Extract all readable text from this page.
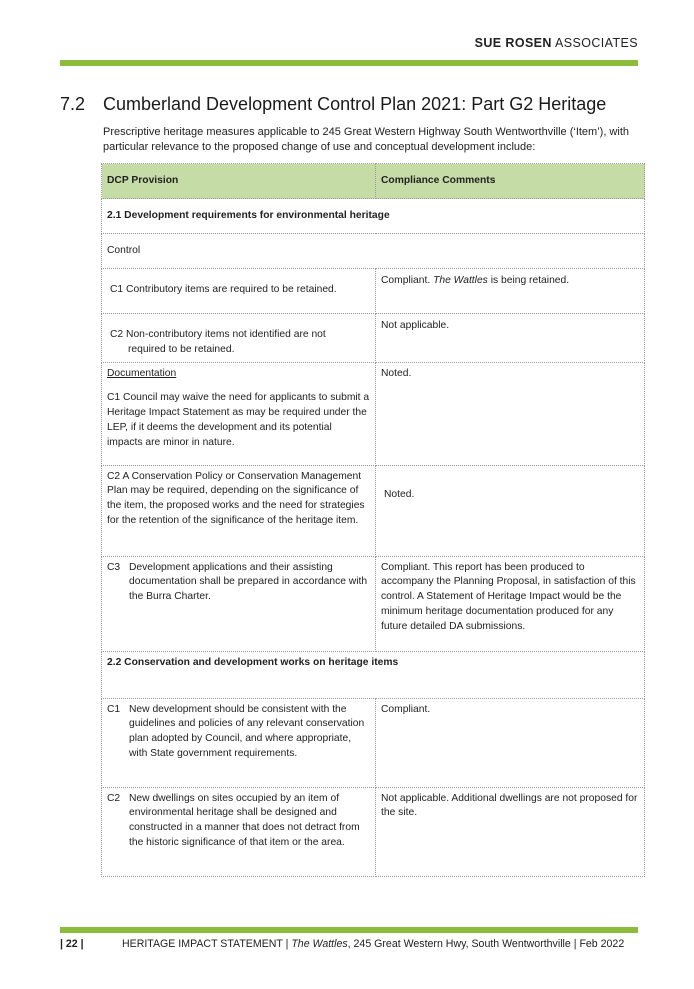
SUE ROSEN ASSOCIATES
7.2 Cumberland Development Control Plan 2021: Part G2 Heritage
Prescriptive heritage measures applicable to 245 Great Western Highway South Wentworthville (‘Item’), with particular relevance to the proposed change of use and conceptual development include:
DCP Provision	Compliance Comments
2.1 Development requirements for environmental heritage	
Control	
C1 Contributory items are required to be retained.	Compliant. The Wattles is being retained.

C2 Non-contributory items not identified are not
required to be retained.	Not applicable.

Documentation
C1 Council may waive the need for applicants to submit a Heritage Impact Statement as may be required under the LEP, if it deems the development and its potential impacts are minor in nature.	Noted.
C2 A Conservation Policy or Conservation Management Plan may be required, depending on the significance of the item, the proposed works and the need for strategies for the retention of the significance of the heritage item.	Noted.

C3 Development applications and their assisting documentation shall be prepared in accordance with the Burra Charter.	Compliant. This report has been produced to accompany the Planning Proposal, in satisfaction of this control. A Statement of Heritage Impact would be the minimum heritage documentation produced for any future detailed DA submissions.
2.2 Conservation and development works on heritage items	

C1 New development should be consistent with the guidelines and policies of any relevant conservation plan adopted by Council, and where appropriate, with State government requirements.	Compliant.

C2 New dwellings on sites occupied by an item of environmental heritage shall be designed and constructed in a manner that does not detract from the historic significance of that item or the area.	Not applicable. Additional dwellings are not proposed for the site.
| 22 |	HERITAGE IMPACT STATEMENT | The Wattles, 245 Great Western Hwy, South Wentworthville | Feb 2022
